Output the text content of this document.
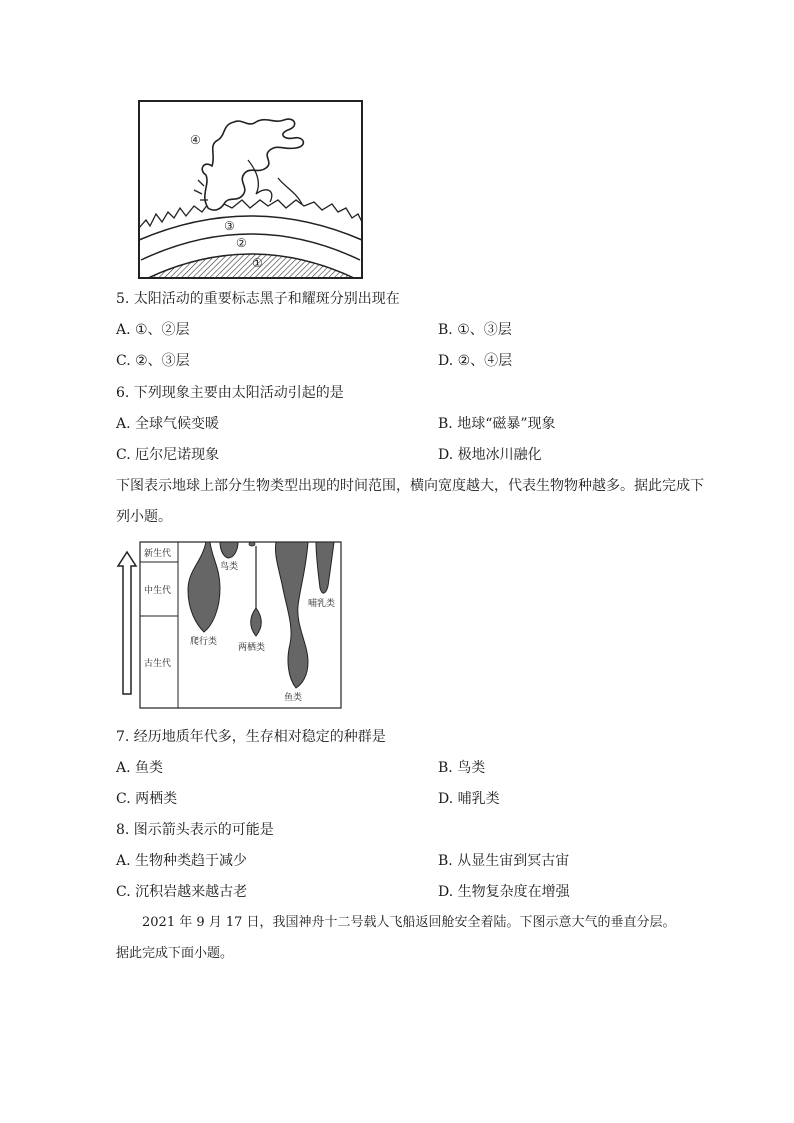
④
③
②
①
5. 太阳活动的重要标志黑子和耀斑分别出现在
A. ①、②层	B. ①、③层
C. ②、③层	D. ②、④层
6. 下列现象主要由太阳活动引起的是
A. 全球气候变暖	B. 地球“磁暴”现象
C. 厄尔尼诺现象	D. 极地冰川融化
下图表示地球上部分生物类型出现的时间范围，横向宽度越大，代表生物物种越多。据此完成下
列小题。
新生代
中生代
古生代
鸟类
哺乳类
爬行类
两栖类
鱼类
7. 经历地质年代多，生存相对稳定的种群是
A. 鱼类	B. 鸟类
C. 两栖类	D. 哺乳类
8. 图示箭头表示的可能是
A. 生物种类趋于减少	B. 从显生宙到冥古宙
C. 沉积岩越来越古老	D. 生物复杂度在增强
2021 年 9 月 17 日，我国神舟十二号载人飞船返回舱安全着陆。下图示意大气的垂直分层。
据此完成下面小题。
